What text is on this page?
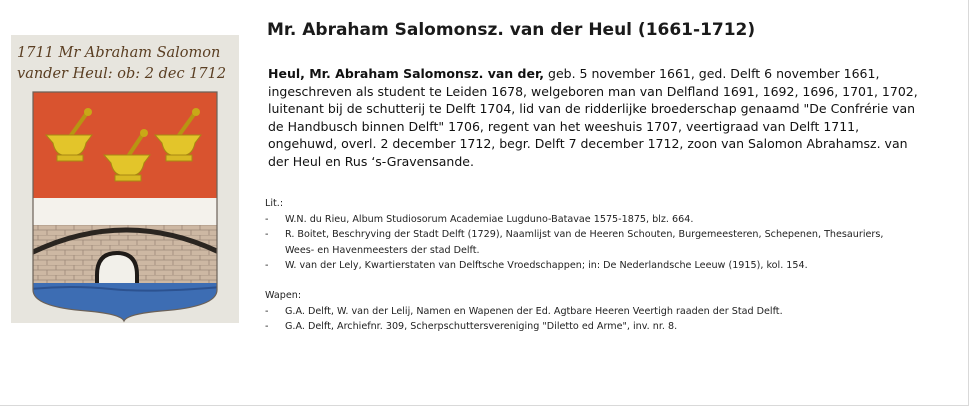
1711 Mr Abraham Salomon
vander Heul: ob: 2 dec 1712
Mr. Abraham Salomonsz. van der Heul (1661-1712)

Heul, Mr. Abraham Salomonsz. van der, geb. 5 november 1661, ged. Delft 6 november 1661, ingeschreven als student te Leiden 1678, welgeboren man van Delfland 1691, 1692, 1696, 1701, 1702, luitenant bij de schutterij te Delft 1704, lid van de ridderlijke broederschap genaamd "De Confrérie van de Handbusch binnen Delft" 1706, regent van het weeshuis 1707, veertigraad van Delft 1711, ongehuwd, overl. 2 december 1712, begr. Delft 7 december 1712, zoon van Salomon Abrahamsz. van der Heul en Rus ‘s-Gravensande.

Lit.:

-	W.N. du Rieu, Album Studiosorum Academiae Lugduno-Batavae 1575-1875, blz. 664.
-	R. Boitet, Beschryving der Stadt Delft (1729), Naamlijst van de Heeren Schouten, Burgemeesteren, Schepenen, Thesauriers, Wees- en Havenmeesters der stad Delft.
-	W. van der Lely, Kwartierstaten van Delftsche Vroedschappen; in: De Nederlandsche Leeuw (1915), kol. 154.

Wapen:

-	G.A. Delft, W. van der Lelij, Namen en Wapenen der Ed. Agtbare Heeren Veertigh raaden der Stad Delft.
-	G.A. Delft, Archiefnr. 309, Scherpschuttersvereniging "Diletto ed Arme", inv. nr. 8.
